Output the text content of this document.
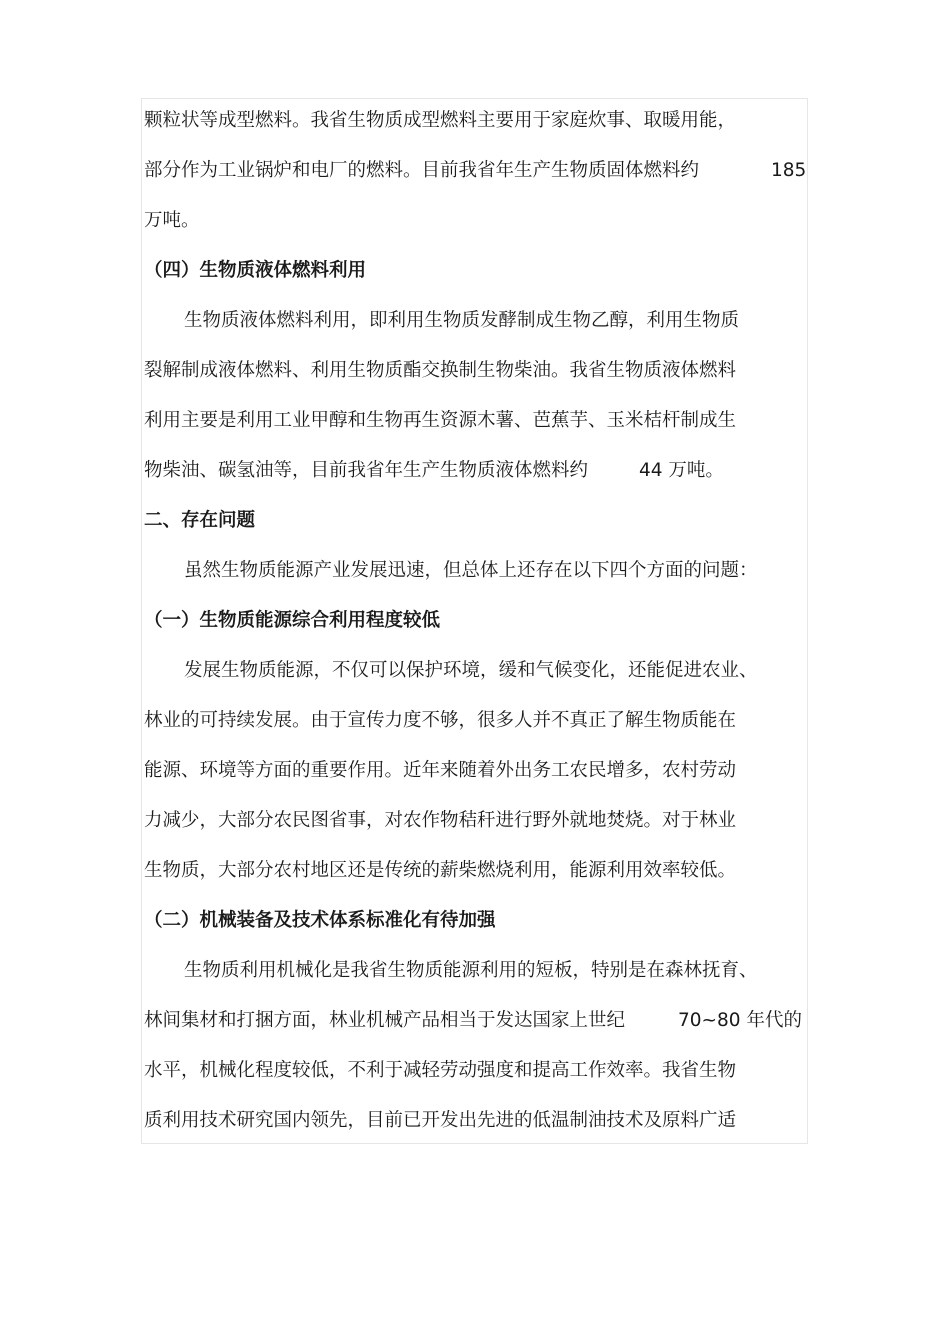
颗粒状等成型燃料。我省生物质成型燃料主要用于家庭炊事、取暖用能，
部分作为工业锅炉和电厂的燃料。目前我省年生产生物质固体燃料约	185
万吨。
（四）生物质液体燃料利用
生物质液体燃料利用，即利用生物质发酵制成生物乙醇，利用生物质
裂解制成液体燃料、利用生物质酯交换制生物柴油。我省生物质液体燃料
利用主要是利用工业甲醇和生物再生资源木薯、芭蕉芋、玉米桔杆制成生
物柴油、碳氢油等，目前我省年生产生物质液体燃料约	44 万吨。
二、存在问题
虽然生物质能源产业发展迅速，但总体上还存在以下四个方面的问题：
（一）生物质能源综合利用程度较低
发展生物质能源，不仅可以保护环境，缓和气候变化，还能促进农业、
林业的可持续发展。由于宣传力度不够，很多人并不真正了解生物质能在
能源、环境等方面的重要作用。近年来随着外出务工农民增多，农村劳动
力减少，大部分农民图省事，对农作物秸秆进行野外就地焚烧。对于林业
生物质，大部分农村地区还是传统的薪柴燃烧利用，能源利用效率较低。
（二）机械装备及技术体系标准化有待加强
生物质利用机械化是我省生物质能源利用的短板，特别是在森林抚育、
林间集材和打捆方面，林业机械产品相当于发达国家上世纪	70~80 年代的
水平，机械化程度较低，不利于减轻劳动强度和提高工作效率。我省生物
质利用技术研究国内领先，目前已开发出先进的低温制油技术及原料广适
